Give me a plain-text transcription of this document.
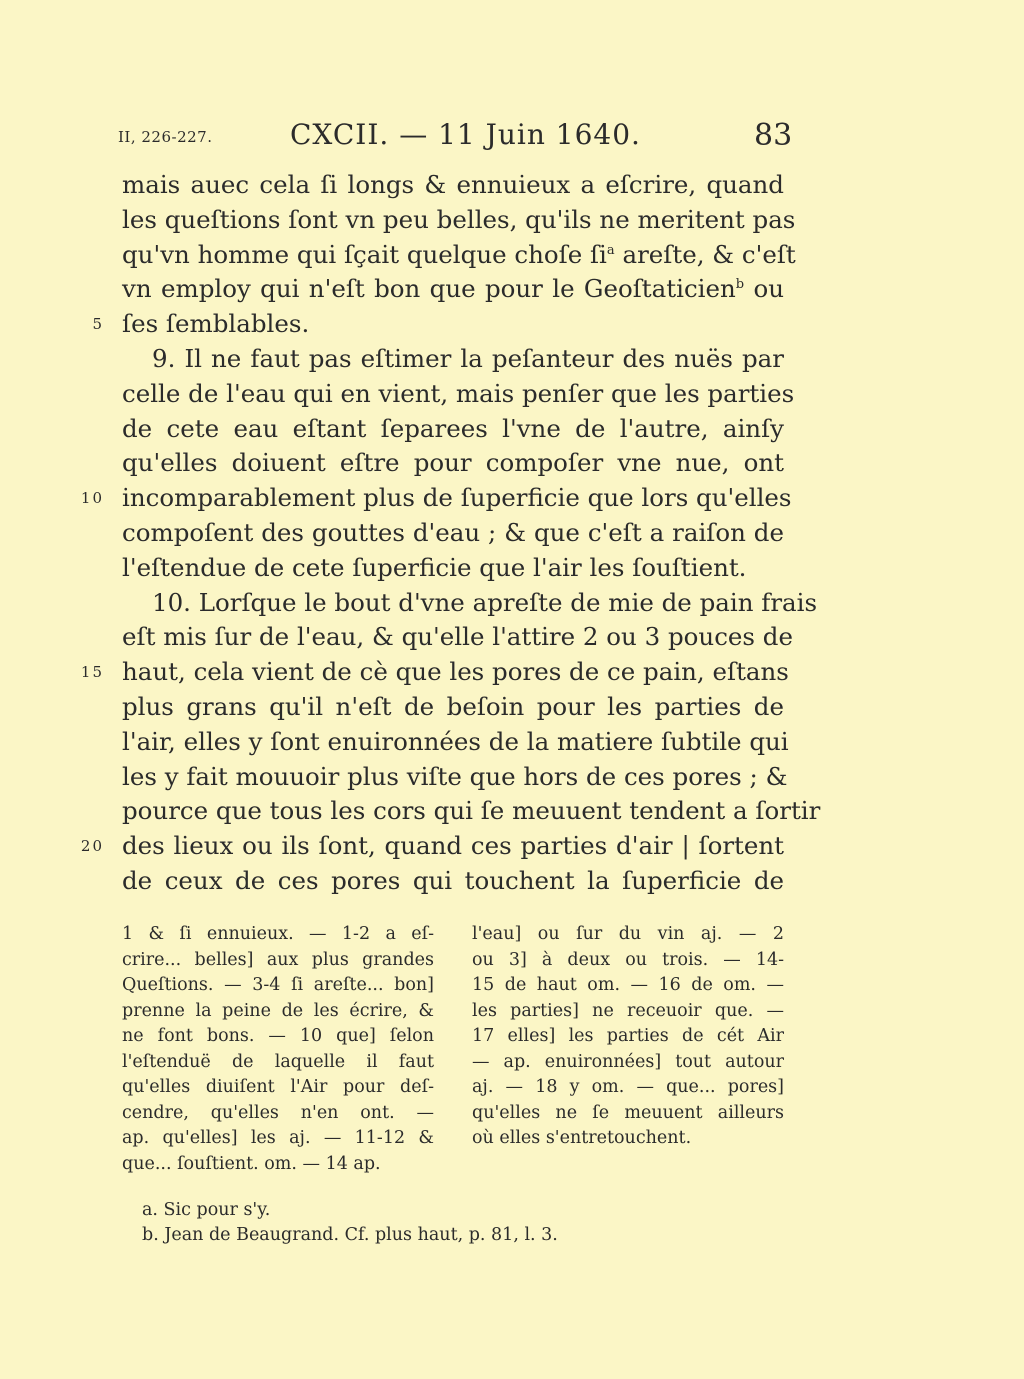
II, 226-227.	CXCII. — 11 Juin 1640.	83
mais auec cela ſi longs & ennuieux a eſcrire, quand
les queſtions ſont vn peu belles, qu'ils ne meritent pas
qu'vn homme qui ſçait quelque choſe $ſi^a$ areſte, & c'eſt
vn employ qui n'eſt bon que pour le Geoſtaticien$^b$ ou
5 ſes ſemblables.
9. Il ne faut pas eſtimer la peſanteur des nuës par
celle de l'eau qui en vient, mais penſer que les parties
de cete eau eſtant ſeparees l'vne de l'autre, ainſy
qu'elles doiuent eſtre pour compoſer vne nue, ont
10 incomparablement plus de ſuperficie que lors qu'elles
compoſent des gouttes d'eau ; & que c'eſt a raiſon de
l'eſtendue de cete ſuperficie que l'air les ſouſtient.
10. Lorſque le bout d'vne apreſte de mie de pain frais
eſt mis ſur de l'eau, & qu'elle l'attire 2 ou 3 pouces de
15 haut, cela vient de cè que les pores de ce pain, eſtans
plus grans qu'il n'eſt de beſoin pour les parties de
l'air, elles y ſont enuironnées de la matiere ſubtile qui
les y fait mouuoir plus viſte que hors de ces pores ; &
pource que tous les cors qui ſe meuuent tendent a ſortir
20 des lieux ou ils ſont, quand ces parties d'air | ſortent
de ceux de ces pores qui touchent la ſuperficie de
1 & ſi ennuieux. — 1-2 a eſ-
crire... belles] aux plus grandes
Queſtions. — 3-4 ſi areſte... bon]
prenne la peine de les écrire, &
ne font bons. — 10 que] ſelon
l'eſtenduë de laquelle il faut
qu'elles diuiſent l'Air pour deſ-
cendre, qu'elles n'en ont. —
ap. qu'elles] les aj. — 11-12 &
que... ſouſtient. om. — 14 ap.
l'eau] ou ſur du vin aj. — 2
ou 3] à deux ou trois. — 14-
15 de haut om. — 16 de om. —
les parties] ne receuoir que. —
17 elles] les parties de cét Air
— ap. enuironnées] tout autour
aj. — 18 y om. — que... pores]
qu'elles ne ſe meuuent ailleurs
où elles s'entretouchent.
a. Sic pour s'y.
b. Jean de Beaugrand. Cf. plus haut, p. 81, l. 3.
